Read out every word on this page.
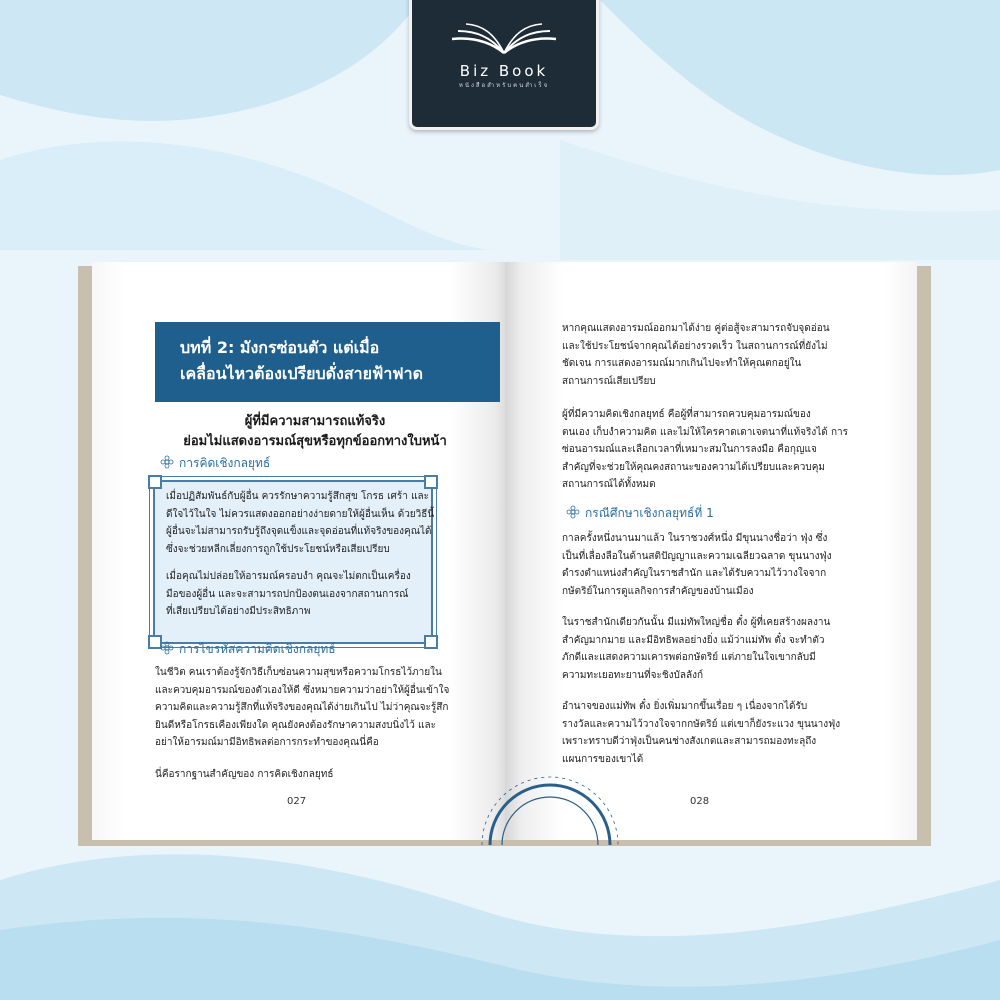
Biz Book
หนังสือสำหรับคนสำเร็จ
บทที่ 2: มังกรซ่อนตัว แต่เมื่อ
เคลื่อนไหวต้องเปรียบดั่งสายฟ้าฟาด
ผู้ที่มีความสามารถแท้จริง
ย่อมไม่แสดงอารมณ์สุขหรือทุกข์ออกทางใบหน้า
การคิดเชิงกลยุทธ์
เมื่อปฏิสัมพันธ์กับผู้อื่น ควรรักษาความรู้สึกสุข โกรธ เศร้า และ
ดีใจไว้ในใจ ไม่ควรแสดงออกอย่างง่ายดายให้ผู้อื่นเห็น ด้วยวิธีนี้
ผู้อื่นจะไม่สามารถรับรู้ถึงจุดแข็งและจุดอ่อนที่แท้จริงของคุณได้
ซึ่งจะช่วยหลีกเลี่ยงการถูกใช้ประโยชน์หรือเสียเปรียบ
เมื่อคุณไม่ปล่อยให้อารมณ์ครอบงำ คุณจะไม่ตกเป็นเครื่อง
มือของผู้อื่น และจะสามารถปกป้องตนเองจากสถานการณ์
ที่เสียเปรียบได้อย่างมีประสิทธิภาพ
การไขรหัสความคิดเชิงกลยุทธ์
ในชีวิต คนเราต้องรู้จักวิธีเก็บซ่อนความสุขหรือความโกรธไว้ภายใน
และควบคุมอารมณ์ของตัวเองให้ดี ซึ่งหมายความว่าอย่าให้ผู้อื่นเข้าใจ
ความคิดและความรู้สึกที่แท้จริงของคุณได้ง่ายเกินไป ไม่ว่าคุณจะรู้สึก
ยินดีหรือโกรธเคืองเพียงใด คุณยังคงต้องรักษาความสงบนิ่งไว้ และ
อย่าให้อารมณ์มามีอิทธิพลต่อการกระทำของคุณนี่คือ
นี่คือรากฐานสำคัญของ การคิดเชิงกลยุทธ์
027
หากคุณแสดงอารมณ์ออกมาได้ง่าย คู่ต่อสู้จะสามารถจับจุดอ่อน
และใช้ประโยชน์จากคุณได้อย่างรวดเร็ว ในสถานการณ์ที่ยังไม่
ชัดเจน การแสดงอารมณ์มากเกินไปจะทำให้คุณตกอยู่ใน
สถานการณ์เสียเปรียบ
ผู้ที่มีความคิดเชิงกลยุทธ์ คือผู้ที่สามารถควบคุมอารมณ์ของ
ตนเอง เก็บงำความคิด และไม่ให้ใครคาดเดาเจตนาที่แท้จริงได้ การ
ซ่อนอารมณ์และเลือกเวลาที่เหมาะสมในการลงมือ คือกุญแจ
สำคัญที่จะช่วยให้คุณคงสถานะของความได้เปรียบและควบคุม
สถานการณ์ได้ทั้งหมด
กรณีศึกษาเชิงกลยุทธ์ที่ 1
กาลครั้งหนึ่งนานมาแล้ว ในราชวงศ์หนึ่ง มีขุนนางชื่อว่า ฟุ่ง ซึ่ง
เป็นที่เลื่องลือในด้านสติปัญญาและความเฉลียวฉลาด ขุนนางฟุ่ง
ดำรงตำแหน่งสำคัญในราชสำนัก และได้รับความไว้วางใจจาก
กษัตริย์ในการดูแลกิจการสำคัญของบ้านเมือง
ในราชสำนักเดียวกันนั้น มีแม่ทัพใหญ่ชื่อ ตั๋ง ผู้ที่เคยสร้างผลงาน
สำคัญมากมาย และมีอิทธิพลอย่างยิ่ง แม้ว่าแม่ทัพ ตั๋ง จะทำตัว
ภักดีและแสดงความเคารพต่อกษัตริย์ แต่ภายในใจเขากลับมี
ความทะเยอทะยานที่จะชิงบัลลังก์
อำนาจของแม่ทัพ ตั๋ง ยิ่งเพิ่มมากขึ้นเรื่อย ๆ เนื่องจากได้รับ
รางวัลและความไว้วางใจจากกษัตริย์ แต่เขาก็ยังระแวง ขุนนางฟุ่ง
เพราะทราบดีว่าฟุ่งเป็นคนช่างสังเกตและสามารถมองทะลุถึง
แผนการของเขาได้
028
